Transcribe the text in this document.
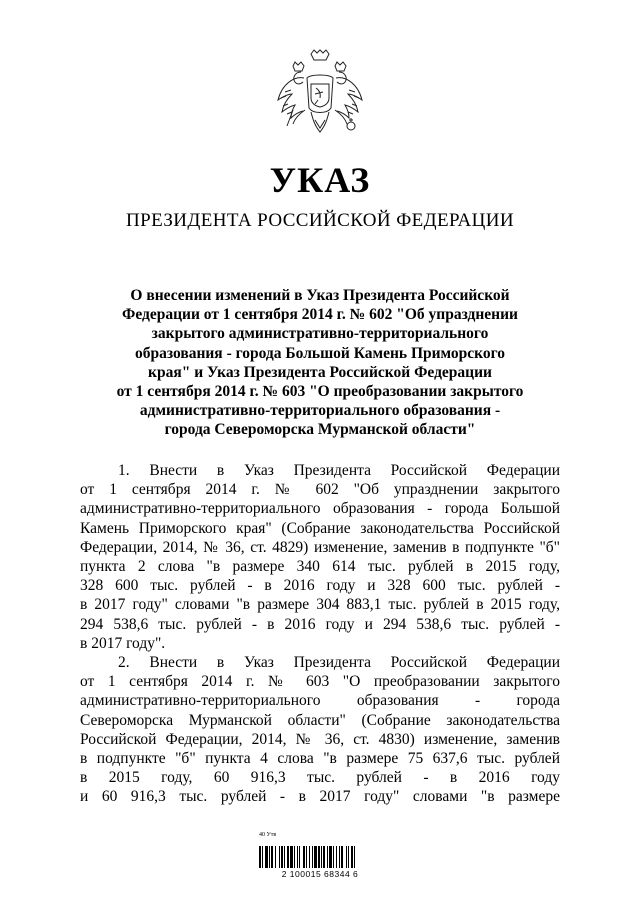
УКАЗ
ПРЕЗИДЕНТА РОССИЙСКОЙ ФЕДЕРАЦИИ
О внесении изменений в Указ Президента Российской
Федерации от 1 сентября 2014 г. № 602 "Об упразднении
закрытого административно-территориального
образования - города Большой Камень Приморского
края" и Указ Президента Российской Федерации
от 1 сентября 2014 г. № 603 "О преобразовании закрытого
административно-территориального образования -
города Североморска Мурманской области"
1. Внести в Указ Президента Российской Федерации
от 1 сентября 2014 г. № 602 "Об упразднении закрытого
административно-территориального образования - города Большой
Камень Приморского края" (Собрание законодательства Российской
Федерации, 2014, № 36, ст. 4829) изменение, заменив в подпункте "б"
пункта 2 слова "в размере 340 614 тыс. рублей в 2015 году,
328 600 тыс. рублей - в 2016 году и 328 600 тыс. рублей -
в 2017 году" словами "в размере 304 883,1 тыс. рублей в 2015 году,
294 538,6 тыс. рублей - в 2016 году и 294 538,6 тыс. рублей -
в 2017 году".
2. Внести в Указ Президента Российской Федерации
от 1 сентября 2014 г. № 603 "О преобразовании закрытого
административно-территориального образования - города
Североморска Мурманской области" (Собрание законодательства
Российской Федерации, 2014, № 36, ст. 4830) изменение, заменив
в подпункте "б" пункта 4 слова "в размере 75 637,6 тыс. рублей
в 2015 году, 60 916,3 тыс. рублей - в 2016 году
и 60 916,3 тыс. рублей - в 2017 году" словами "в размере
40 Утв
2 100015 68344 6
